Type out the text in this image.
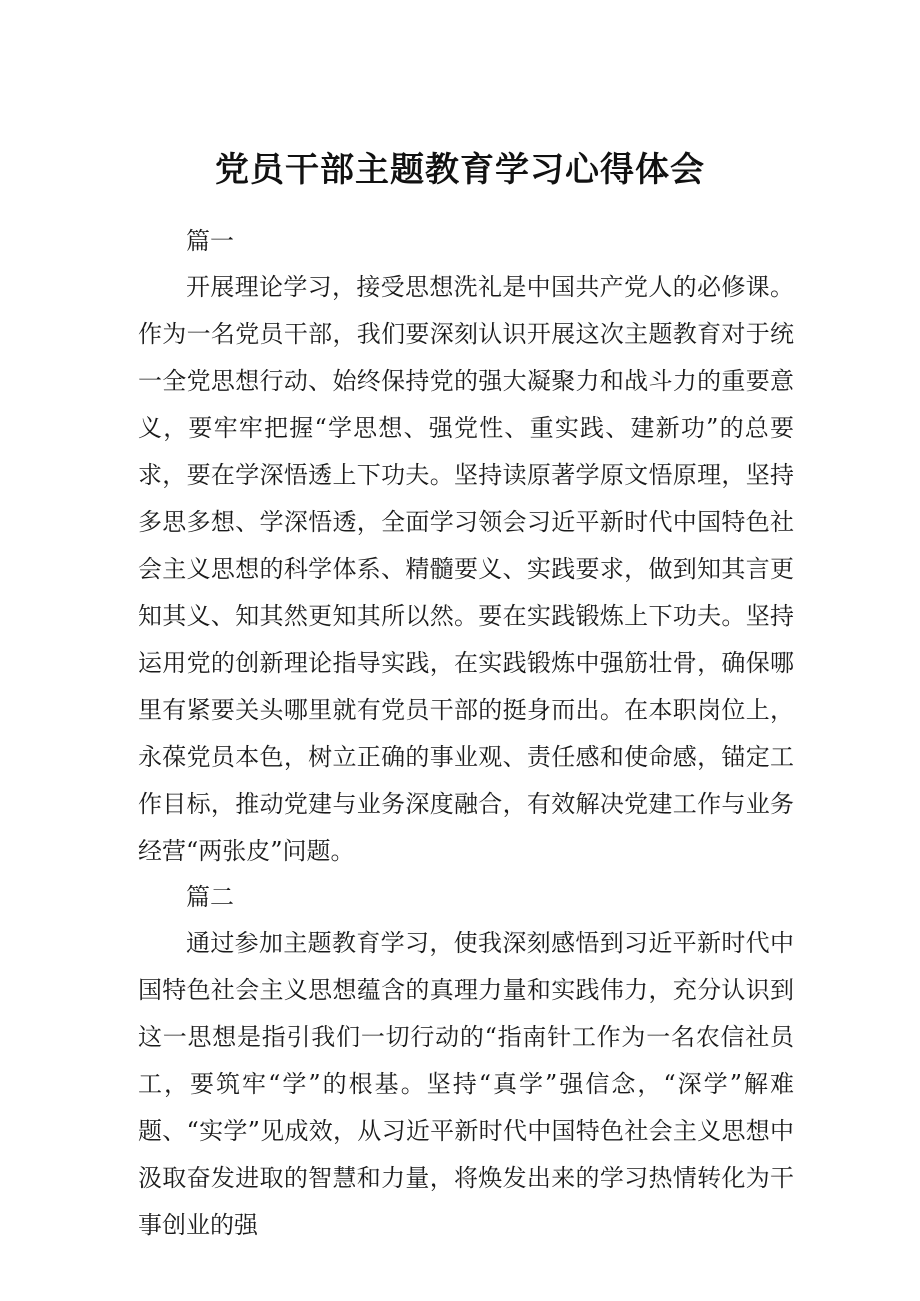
党员干部主题教育学习心得体会

篇一

开展理论学习，接受思想洗礼是中国共产党人的必修课。作为一名党员干部，我们要深刻认识开展这次主题教育对于统一全党思想行动、始终保持党的强大凝聚力和战斗力的重要意义，要牢牢把握“学思想、强党性、重实践、建新功”的总要求，要在学深悟透上下功夫。坚持读原著学原文悟原理，坚持多思多想、学深悟透，全面学习领会习近平新时代中国特色社会主义思想的科学体系、精髓要义、实践要求，做到知其言更知其义、知其然更知其所以然。要在实践锻炼上下功夫。坚持运用党的创新理论指导实践，在实践锻炼中强筋壮骨，确保哪里有紧要关头哪里就有党员干部的挺身而出。在本职岗位上，永葆党员本色，树立正确的事业观、责任感和使命感，锚定工作目标，推动党建与业务深度融合，有效解决党建工作与业务经营“两张皮”问题。

篇二

通过参加主题教育学习，使我深刻感悟到习近平新时代中国特色社会主义思想蕴含的真理力量和实践伟力，充分认识到这一思想是指引我们一切行动的“指南针工作为一名农信社员工，要筑牢“学”的根基。坚持“真学”强信念，“深学”解难题、“实学”见成效，从习近平新时代中国特色社会主义思想中汲取奋发进取的智慧和力量，将焕发出来的学习热情转化为干事创业的强
